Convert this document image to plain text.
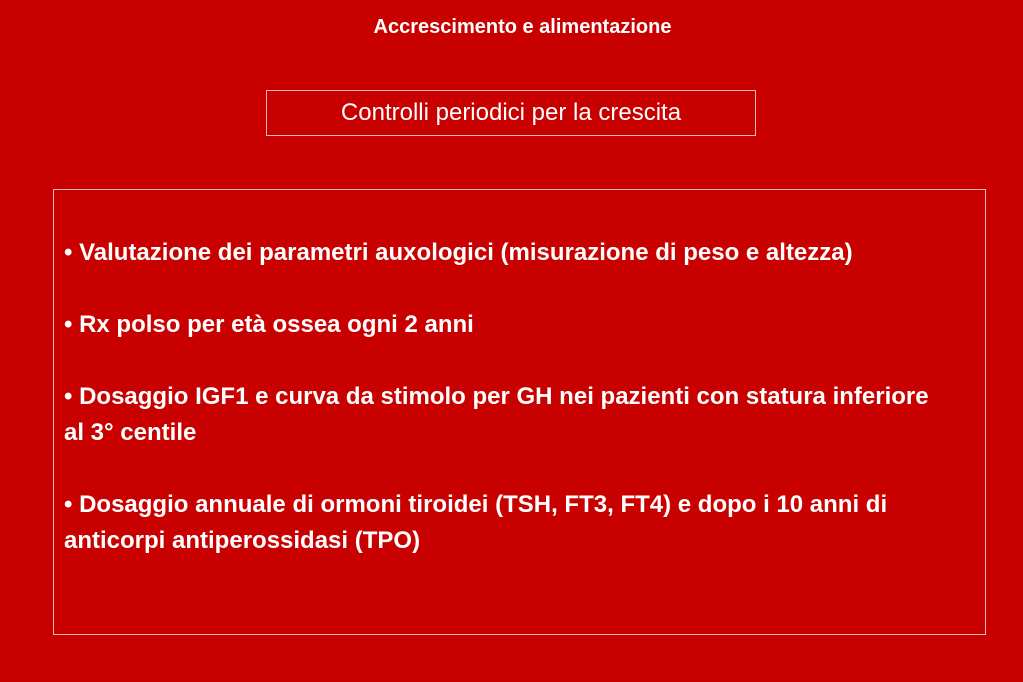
Accrescimento e alimentazione
Controlli periodici per la crescita
• Valutazione dei parametri auxologici (misurazione di peso e altezza)
• Rx polso per età ossea ogni 2 anni
• Dosaggio IGF1 e curva da stimolo per GH nei pazienti con statura inferiore al 3° centile
• Dosaggio annuale di ormoni tiroidei (TSH, FT3, FT4) e dopo i 10 anni di anticorpi antiperossidasi (TPO)
